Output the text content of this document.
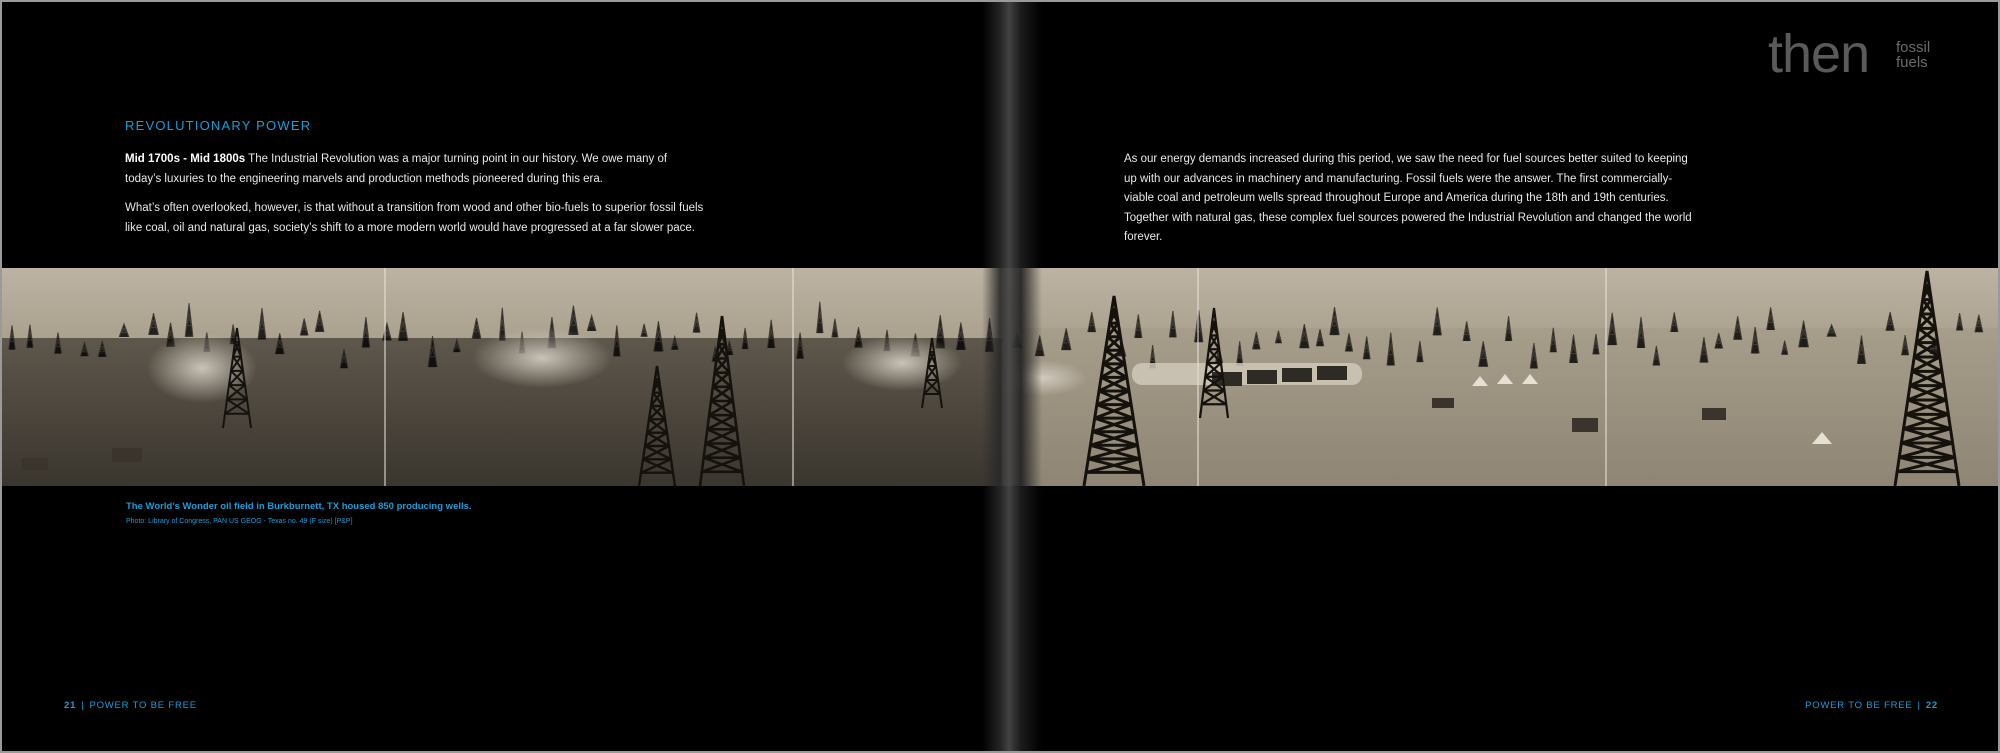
REVOLUTIONARY POWER

Mid 1700s - Mid 1800s The Industrial Revolution was a major turning point in our history. We owe many of today’s luxuries to the engineering marvels and production methods pioneered during this era.

What’s often overlooked, however, is that without a transition from wood and other bio-fuels to superior fossil fuels like coal, oil and natural gas, society’s shift to a more modern world would have progressed at a far slower pace.

The World’s Wonder oil field in Burkburnett, TX housed 850 producing wells.

Photo: Library of Congress, PAN US GEOG - Texas no. 49 (F size) [P&P]

21 | POWER TO BE FREE

then fossil
fuels

As our energy demands increased during this period, we saw the need for fuel sources better suited to keeping up with our advances in machinery and manufacturing. Fossil fuels were the answer. The first commercially-viable coal and petroleum wells spread throughout Europe and America during the 18th and 19th centuries. Together with natural gas, these complex fuel sources powered the Industrial Revolution and changed the world forever.

POWER TO BE FREE | 22
